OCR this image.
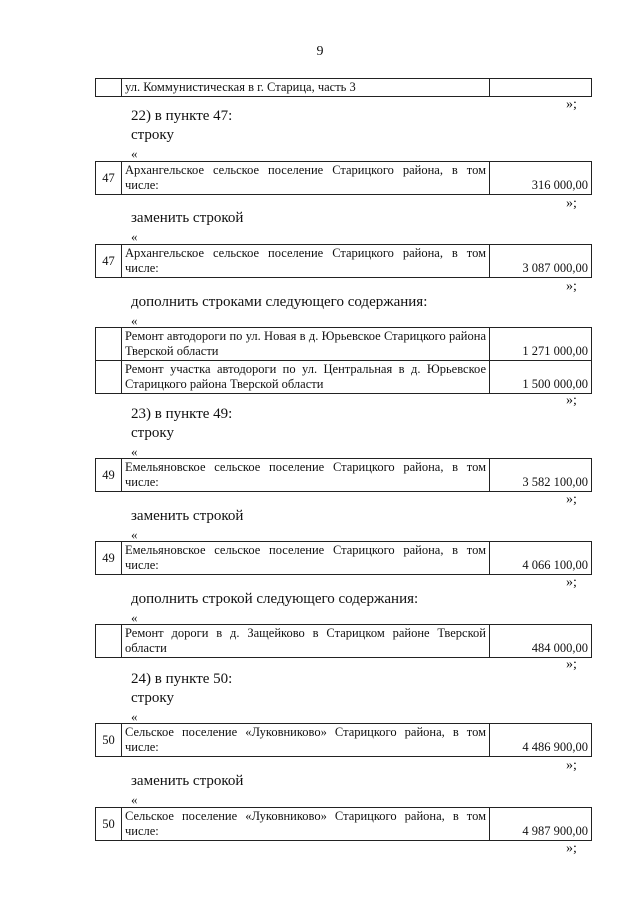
9
	ул. Коммунистическая в г. Старица, часть 3	
»;
22) в пункте 47:
строку
«
47	Архангельское сельское поселение Старицкого района, в том числе:	316 000,00
»;
заменить строкой
«
47	Архангельское сельское поселение Старицкого района, в том числе:	3 087 000,00
»;
дополнить строками следующего содержания:
«
	Ремонт автодороги по ул. Новая в д. Юрьевское Старицкого района Тверской области	1 271 000,00
	Ремонт участка автодороги по ул. Центральная в д. Юрьевское Старицкого района Тверской области	1 500 000,00
»;
23) в пункте 49:
строку
«
49	Емельяновское сельское поселение Старицкого района, в том числе:	3 582 100,00
»;
заменить строкой
«
49	Емельяновское сельское поселение Старицкого района, в том числе:	4 066 100,00
»;
дополнить строкой следующего содержания:
«
	Ремонт дороги в д. Защейково в Старицком районе Тверской области	484 000,00
»;
24) в пункте 50:
строку
«
50	Сельское поселение «Луковниково» Старицкого района, в том числе:	4 486 900,00
»;
заменить строкой
«
50	Сельское поселение «Луковниково» Старицкого района, в том числе:	4 987 900,00
»;
